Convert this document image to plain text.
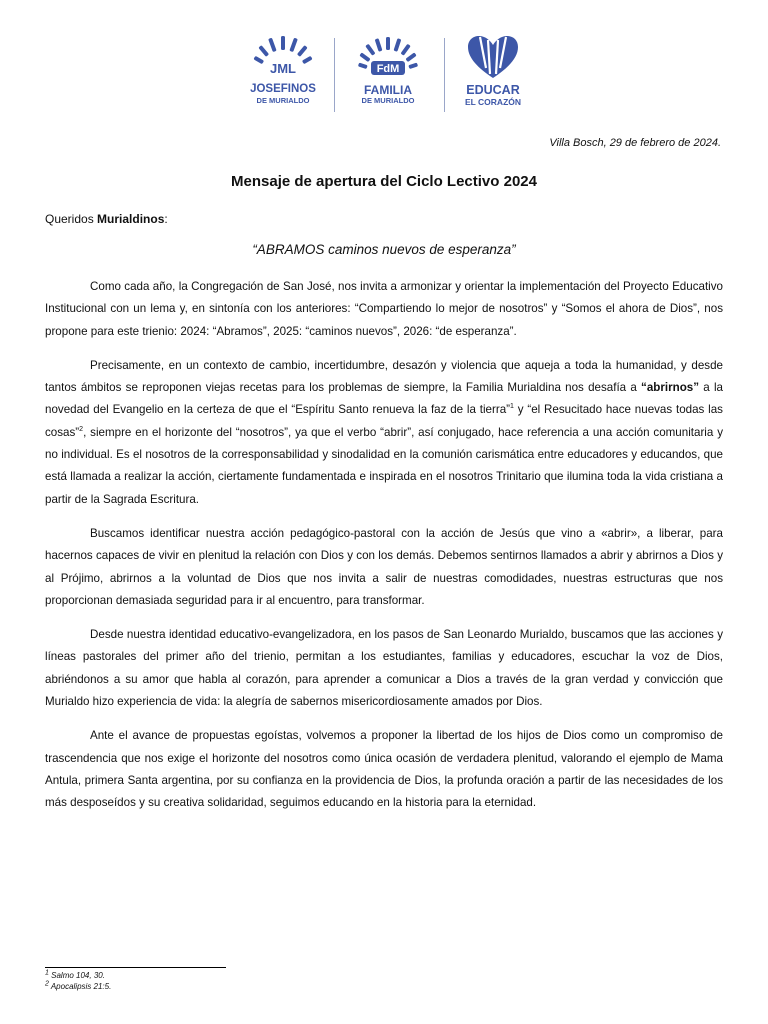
JML
JOSEFINOS
DE MURIALDO
FdM
FAMILIA
DE MURIALDO
EDUCAR
EL CORAZÓN
Villa Bosch, 29 de febrero de 2024.
Mensaje de apertura del Ciclo Lectivo 2024
Queridos Murialdinos:
“ABRAMOS caminos nuevos de esperanza”

Como cada año, la Congregación de San José, nos invita a armonizar y orientar la implementación del Proyecto Educativo Institucional con un lema y, en sintonía con los anteriores: “Compartiendo lo mejor de nosotros” y “Somos el ahora de Dios”, nos propone para este trienio: 2024: “Abramos”, 2025: “caminos nuevos”, 2026: “de esperanza”.

Precisamente, en un contexto de cambio, incertidumbre, desazón y violencia que aqueja a toda la humanidad, y desde tantos ámbitos se reproponen viejas recetas para los problemas de siempre, la Familia Murialdina nos desafía a “abrirnos” a la novedad del Evangelio en la certeza de que el “Espíritu Santo renueva la faz de la tierra”$^1$ y “el Resucitado hace nuevas todas las cosas”$^2$, siempre en el horizonte del “nosotros”, ya que el verbo “abrir”, así conjugado, hace referencia a una acción comunitaria y no individual. Es el nosotros de la corresponsabilidad y sinodalidad en la comunión carismática entre educadores y educandos, que está llamada a realizar la acción, ciertamente fundamentada e inspirada en el nosotros Trinitario que ilumina toda la vida cristiana a partir de la Sagrada Escritura.

Buscamos identificar nuestra acción pedagógico-pastoral con la acción de Jesús que vino a «abrir», a liberar, para hacernos capaces de vivir en plenitud la relación con Dios y con los demás. Debemos sentirnos llamados a abrir y abrirnos a Dios y al Prójimo, abrirnos a la voluntad de Dios que nos invita a salir de nuestras comodidades, nuestras estructuras que nos proporcionan demasiada seguridad para ir al encuentro, para transformar.

Desde nuestra identidad educativo-evangelizadora, en los pasos de San Leonardo Murialdo, buscamos que las acciones y líneas pastorales del primer año del trienio, permitan a los estudiantes, familias y educadores, escuchar la voz de Dios, abriéndonos a su amor que habla al corazón, para aprender a comunicar a Dios a través de la gran verdad y convicción que Murialdo hizo experiencia de vida: la alegría de sabernos misericordiosamente amados por Dios.

Ante el avance de propuestas egoístas, volvemos a proponer la libertad de los hijos de Dios como un compromiso de trascendencia que nos exige el horizonte del nosotros como única ocasión de verdadera plenitud, valorando el ejemplo de Mama Antula, primera Santa argentina, por su confianza en la providencia de Dios, la profunda oración a partir de las necesidades de los más desposeídos y su creativa solidaridad, seguimos educando en la historia para la eternidad.

$^1$ Salmo 104, 30.
$^2$ Apocalipsis 21:5.
